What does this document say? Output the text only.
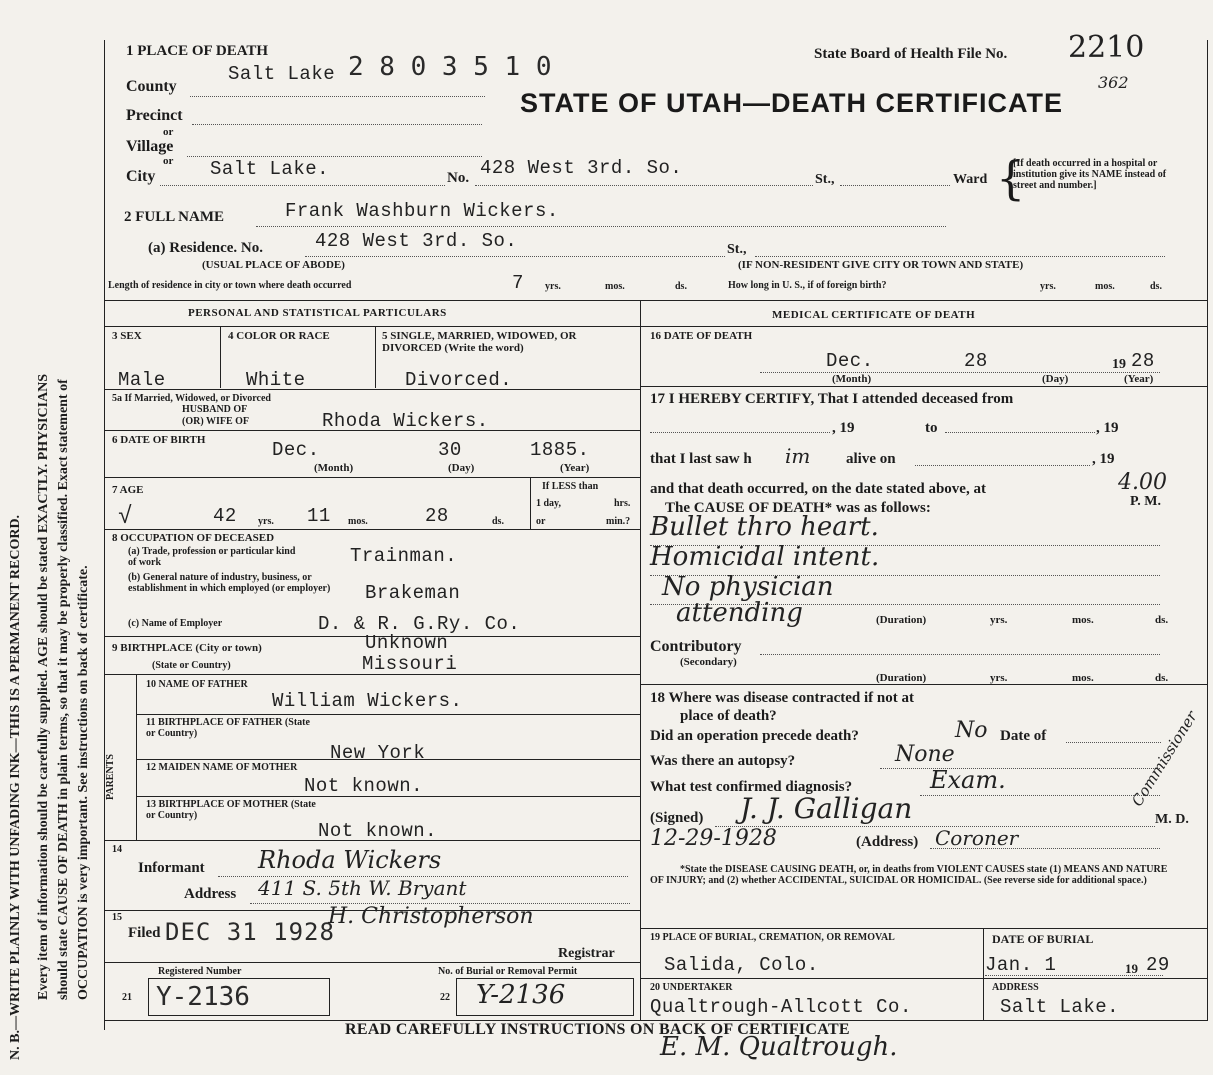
N. B.—WRITE PLAINLY WITH UNFADING INK—THIS IS A PERMANENT RECORD. Every item of information should be carefully supplied. AGE should be stated EXACTLY. PHYSICIANS should state CAUSE OF DEATH in plain terms, so that it may be properly classified. Exact statement of OCCUPATION is very important. See instructions on back of certificate.
1 PLACE OF DEATH
2 8 0 3 5 1 0	State Board of Health File No. 2210
362
STATE OF UTAH—DEATH CERTIFICATE
County
Salt Lake
Precinct
or
Village
or
City	Salt Lake.	No. 428 West 3rd. So.
St.,	Ward {
[If death occurred in a hospital or institution give its NAME instead of street and number.]
2 FULL NAME	Frank Washburn Wickers.
(a) Residence. No.	428 West 3rd. So.	St.,
(USUAL PLACE OF ABODE)	(IF NON-RESIDENT GIVE CITY OR TOWN AND STATE)
Length of residence in city or town where death occurred	7 yrs.	mos.	ds.	How long in U. S., if of foreign birth?	yrs.	mos.	ds.
PERSONAL AND STATISTICAL PARTICULARS	MEDICAL CERTIFICATE OF DEATH
3 SEX
Male
4 COLOR OR RACE
White
5 SINGLE, MARRIED, WIDOWED, OR DIVORCED (Write the word)
Divorced.
5a If Married, Widowed, or Divorced
HUSBAND OF
(OR) WIFE OF	Rhoda Wickers.
6 DATE OF BIRTH	Dec.	30	1885.
(Month)	(Day)	(Year)
7 AGE
√	42 yrs. 11 mos.	28	ds.
If LESS than
1 day,	hrs.
or	min.?
8 OCCUPATION OF DECEASED
(a) Trade, profession or particular kind of work	Trainman.
(b) General nature of industry, business, or establishment in which employed (or employer)	Brakeman
(c) Name of Employer	D. & R. G.Ry. Co.
9 BIRTHPLACE (City or town)	Unknown
(State or Country)	Missouri
PARENTS
10 NAME OF FATHER
William Wickers.
11 BIRTHPLACE OF FATHER (State or Country)
New York
12 MAIDEN NAME OF MOTHER
Not known.
13 BIRTHPLACE OF MOTHER (State or Country)
Not known.
14
Informant Rhoda Wickers
Address 411 S. 5th W. Bryant
15
Filed DEC 31 1928
H. Christopherson
Registrar
Registered Number	No. of Burial or Removal Permit
21 Y-2136	22 Y-2136
16 DATE OF DEATH
Dec.	28	19 28
(Month)	(Day)	(Year)
17 I HEREBY CERTIFY, That I attended deceased from
, 19	to	, 19
that I last saw h im alive on	, 19
and that death occurred, on the date stated above, at	4.00
P. M.
The CAUSE OF DEATH* was as follows:
Bullet thro heart.
Homicidal intent.
No physician
attending	(Duration)	yrs.	mos.	ds.
Contributory
(Secondary)
(Duration)	yrs.	mos.	ds.
18 Where was disease contracted if not at place of death?
Did an operation precede death?	No Date of
Was there an autopsy?	None
What test confirmed diagnosis?	Exam.
(Signed) J. J. Galligan	M. D.
Commissioner
12-29-1928	(Address) Coroner
*State the DISEASE CAUSING DEATH, or, in deaths from VIOLENT CAUSES state (1) MEANS AND NATURE OF INJURY; and (2) whether ACCIDENTAL, SUICIDAL OR HOMICIDAL. (See reverse side for additional space.)
19 PLACE OF BURIAL, CREMATION, OR REMOVAL
Salida, Colo.
DATE OF BURIAL
Jan. 1	19 29
20 UNDERTAKER
Qualtrough-Allcott Co.
ADDRESS
Salt Lake.
READ CAREFULLY INSTRUCTIONS ON BACK OF CERTIFICATE
E. M. Qualtrough.
